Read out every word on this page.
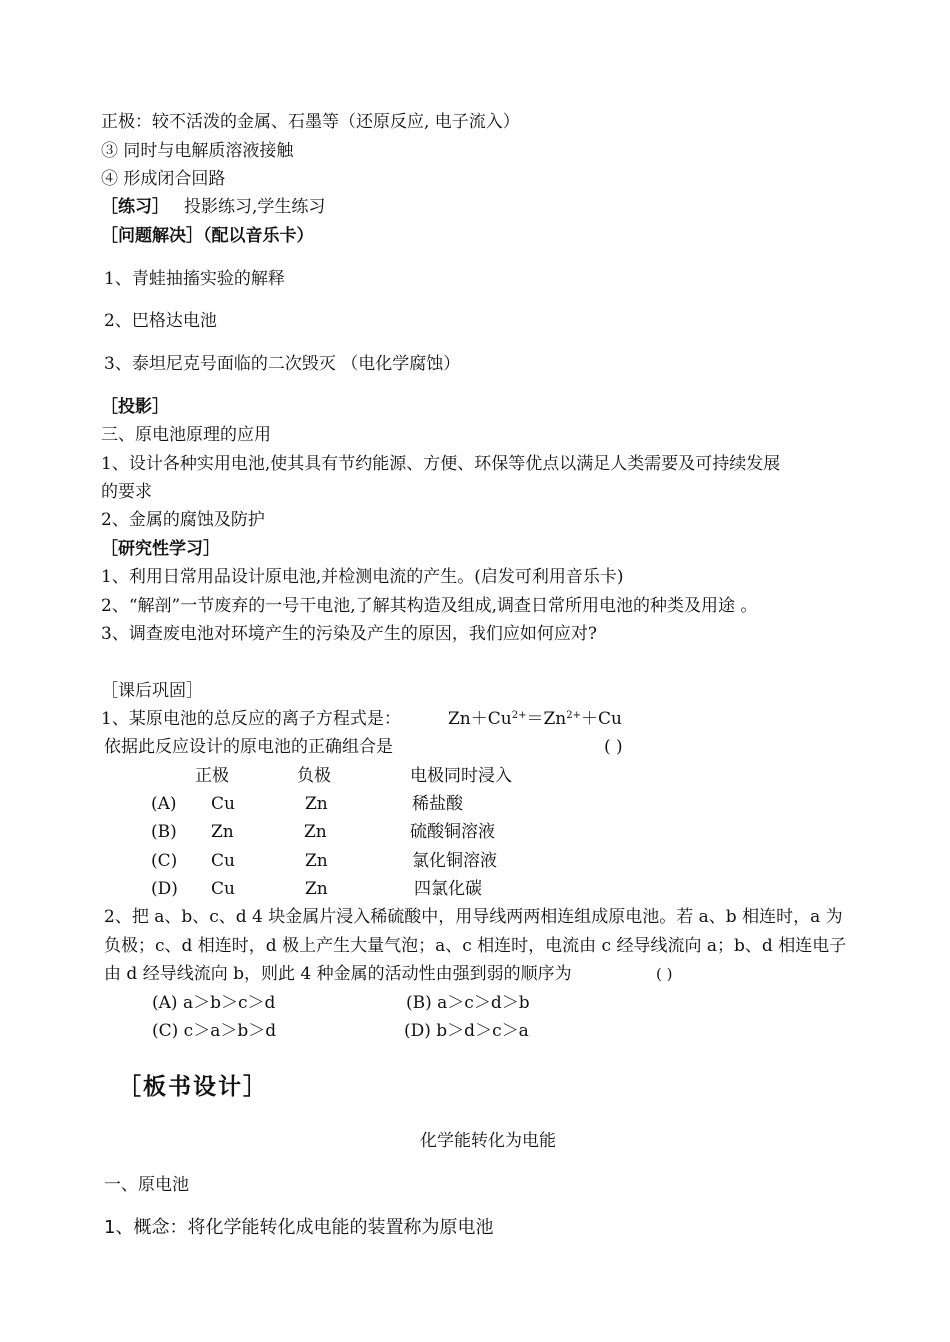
正极：较不活泼的金属、石墨等（还原反应, 电子流入）
③ 同时与电解质溶液接触
④ 形成闭合回路
［练习］ 投影练习,学生练习
［问题解决］（配以音乐卡）
1、青蛙抽搐实验的解释
2、巴格达电池
3、泰坦尼克号面临的二次毁灭 （电化学腐蚀）
［投影］
三、原电池原理的应用
1、设计各种实用电池,使其具有节约能源、方便、环保等优点以满足人类需要及可持续发展
的要求
2、金属的腐蚀及防护
［研究性学习］
1、利用日常用品设计原电池,并检测电流的产生。(启发可利用音乐卡)
2、“解剖”一节废弃的一号干电池,了解其构造及组成,调查日常所用电池的种类及用途 。
3、调查废电池对环境产生的污染及产生的原因，我们应如何应对?
［课后巩固］
1、某原电池的总反应的离子方程式是：	$Zn+Cu^{2+}=Zn^{2+}+Cu$
依据此反应设计的原电池的正确组合是	( )
正极	负极	电极同时浸入
(A) Cu	Zn	稀盐酸
(B) Zn	Zn	硫酸铜溶液
(C) Cu	Zn	氯化铜溶液
(D) Cu	Zn	四氯化碳
2、把 a、b、c、d 4 块金属片浸入稀硫酸中，用导线两两相连组成原电池。若 a、b 相连时，a 为
负极；c、d 相连时，d 极上产生大量气泡；a、c 相连时，电流由 c 经导线流向 a；b、d 相连电子
由 d 经导线流向 b，则此 4 种金属的活动性由强到弱的顺序为	( )
(A) a＞b＞c＞d	(B) a＞c＞d＞b
(C) c＞a＞b＞d	(D) b＞d＞c＞a
［板书设计］
化学能转化为电能
一、原电池
1、概念：将化学能转化成电能的装置称为原电池
